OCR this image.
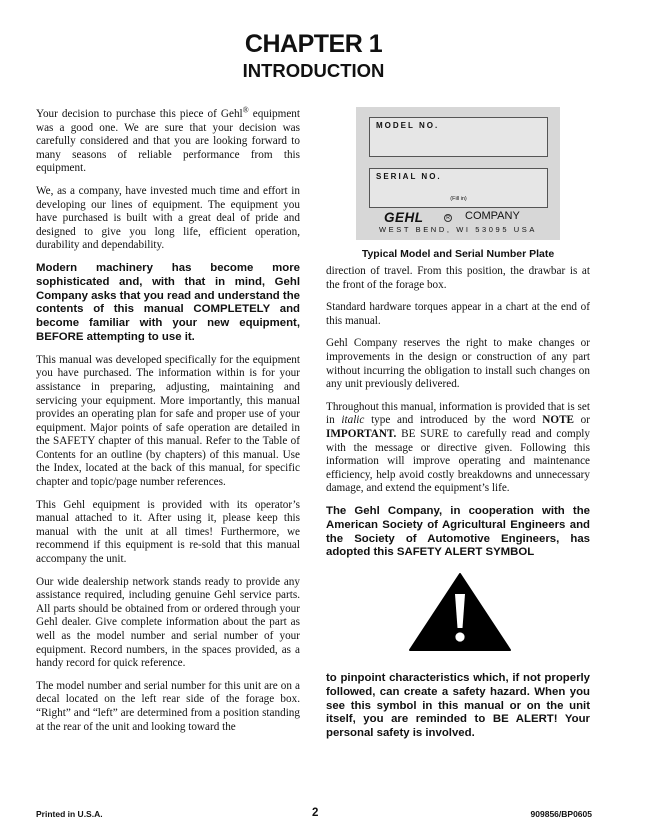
CHAPTER 1
INTRODUCTION

Your decision to purchase this piece of Gehl® equipment was a good one. We are sure that your decision was carefully considered and that you are looking forward to many seasons of reliable performance from this equipment.

We, as a company, have invested much time and effort in developing our lines of equipment. The equipment you have purchased is built with a great deal of pride and designed to give you long life, efficient operation, durability and dependability.

Modern machinery has become more sophisticated and, with that in mind, Gehl Company asks that you read and understand the contents of this manual COMPLETELY and become familiar with your new equipment, BEFORE attempting to use it.

This manual was developed specifically for the equipment you have purchased. The information within is for your assistance in preparing, adjusting, maintaining and servicing your equipment. More importantly, this manual provides an operating plan for safe and proper use of your equipment. Major points of safe operation are detailed in the SAFETY chapter of this manual. Refer to the Table of Contents for an outline (by chapters) of this manual. Use the Index, located at the back of this manual, for specific chapter and topic/page number references.

This Gehl equipment is provided with its operator’s manual attached to it. After using it, please keep this manual with the unit at all times! Furthermore, we recommend if this equipment is re-sold that this manual accompany the unit.

Our wide dealership network stands ready to provide any assistance required, including genuine Gehl service parts. All parts should be obtained from or ordered through your Gehl dealer. Give complete information about the part as well as the model number and serial number of your equipment. Record numbers, in the spaces provided, as a handy record for quick reference.

The model number and serial number for this unit are on a decal located on the left rear side of the forage box. “Right” and “left” are determined from a position standing at the rear of the unit and looking toward the

MODEL NO.
SERIAL NO.
(Fill in)
GEHL	R COMPANY
WEST BEND, WI 53095 USA
Typical Model and Serial Number Plate

direction of travel. From this position, the drawbar is at the front of the forage box.

Standard hardware torques appear in a chart at the end of this manual.

Gehl Company reserves the right to make changes or improvements in the design or construction of any part without incurring the obligation to install such changes on any unit previously delivered.

Throughout this manual, information is provided that is set in italic type and introduced by the word NOTE or IMPORTANT. BE SURE to carefully read and comply with the message or directive given. Following this information will improve operating and maintenance efficiency, help avoid costly breakdowns and unnecessary damage, and extend the equipment’s life.

The Gehl Company, in cooperation with the American Society of Agricultural Engineers and the Society of Automotive Engineers, has adopted this SAFETY ALERT SYMBOL

to pinpoint characteristics which, if not properly followed, can create a safety hazard. When you see this symbol in this manual or on the unit itself, you are reminded to BE ALERT! Your personal safety is involved.

Printed in U.S.A.	2	909856/BP0605
